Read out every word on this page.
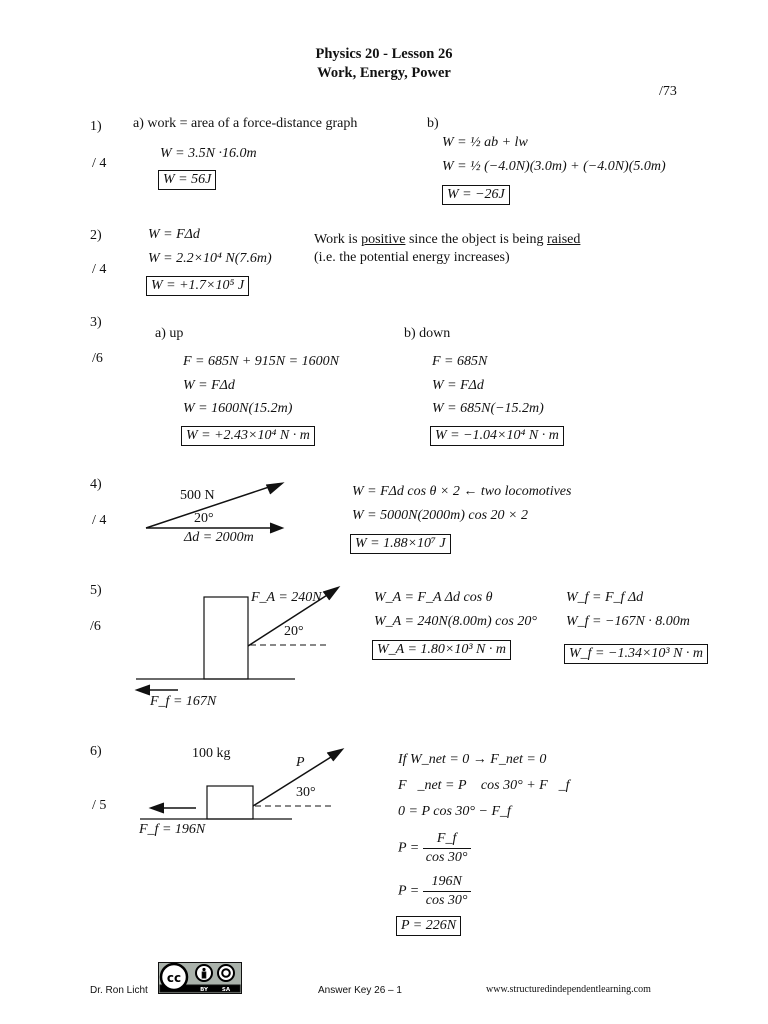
Physics 20 - Lesson 26
Work, Energy, Power
/73
1)
/ 4
a) work = area of a force-distance graph
W = 3.5N ·16.0m
W = 56J
b)
W = ½ ab + lw
W = ½ (−4.0N)(3.0m) + (−4.0N)(5.0m)
W = −26J
2)
/ 4
W = FΔd
W = 2.2×10⁴ N(7.6m)
W = +1.7×10⁵ J
Work is positive since the object is being raised
(i.e. the potential energy increases)
3)
/6
a) up
F = 685N + 915N = 1600N
W = FΔd
W = 1600N(15.2m)
W = +2.43×10⁴ N · m
b) down
F = 685N
W = FΔd
W = 685N(−15.2m)
W = −1.04×10⁴ N · m
4)
/ 4
500 N
20°
Δd = 2000m
W = FΔd cos θ × 2 ← two locomotives
W = 5000N(2000m) cos 20 × 2
W = 1.88×10⁷ J
5)
/6
F_A = 240N
20°
F_f = 167N
W_A = F_A Δd cos θ
W_A = 240N(8.00m) cos 20°
W_A = 1.80×10³ N · m
W_f = F_f Δd
W_f = −167N · 8.00m
W_f = −1.34×10³ N · m
6)
/ 5
100 kg
P⃗
30°
F_f = 196N
If W_net = 0 → F_net = 0
F⃗_net = P⃗ cos 30° + F⃗_f
0 = P cos 30° − F_f
$P = \frac{F\_f}{\cos 30^\circ}$
$P = \frac{196N}{\cos 30^\circ}$
P = 226N
Dr. Ron Licht
cc
BY	SA	Answer Key 26 – 1	www.structuredindependentlearning.com
